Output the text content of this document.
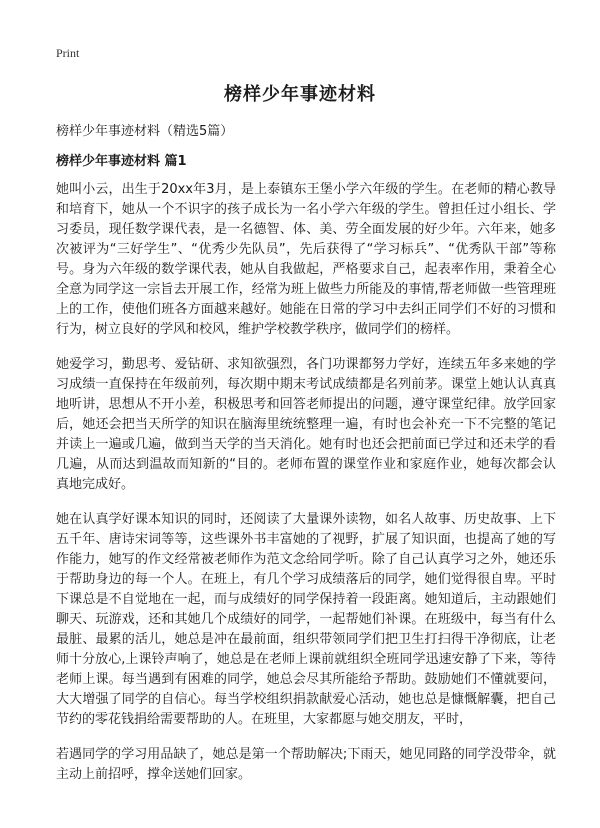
Print
榜样少年事迹材料

榜样少年事迹材料（精选5篇）

榜样少年事迹材料 篇1

她叫小云，出生于20xx年3月，是上泰镇东王堡小学六年级的学生。在老师的精心教导和培育下，她从一个不识字的孩子成长为一名小学六年级的学生。曾担任过小组长、学习委员，现任数学课代表，是一名德智、体、美、劳全面发展的好少年。六年来，她多次被评为“三好学生”、“优秀少先队员”，先后获得了“学习标兵”、“优秀队干部”等称号。身为六年级的数学课代表，她从自我做起，严格要求自己，起表率作用，秉着全心全意为同学这一宗旨去开展工作，经常为班上做些力所能及的事情,帮老师做一些管理班上的工作，使他们班各方面越来越好。她能在日常的学习中去纠正同学们不好的习惯和行为，树立良好的学风和校风，维护学校教学秩序，做同学们的榜样。

她爱学习，勤思考、爱钻研、求知欲强烈，各门功课都努力学好，连续五年多来她的学习成绩一直保持在年级前列，每次期中期末考试成绩都是名列前茅。课堂上她认认真真地听讲，思想从不开小差，积极思考和回答老师提出的问题，遵守课堂纪律。放学回家后，她还会把当天所学的知识在脑海里统统整理一遍，有时也会补充一下不完整的笔记并读上一遍或几遍，做到当天学的当天消化。她有时也还会把前面已学过和还未学的看几遍，从而达到温故而知新的“目的。老师布置的课堂作业和家庭作业，她每次都会认真地完成好。

她在认真学好课本知识的同时，还阅读了大量课外读物，如名人故事、历史故事、上下五千年、唐诗宋词等等，这些课外书丰富她的了视野，扩展了知识面，也提高了她的写作能力，她写的作文经常被老师作为范文念给同学听。除了自己认真学习之外，她还乐于帮助身边的每一个人。在班上，有几个学习成绩落后的同学，她们觉得很自卑。平时下课总是不自觉地在一起，而与成绩好的同学保持着一段距离。她知道后，主动跟她们聊天、玩游戏，还和其她几个成绩好的同学，一起帮她们补课。在班级中，每当有什么最脏、最累的活儿，她总是冲在最前面，组织带领同学们把卫生打扫得干净彻底，让老师十分放心,上课铃声响了，她总是在老师上课前就组织全班同学迅速安静了下来，等待老师上课。每当遇到有困难的同学，她总会尽其所能给予帮助。鼓励她们不懂就要问，大大增强了同学的自信心。每当学校组织捐款献爱心活动，她也总是慷慨解囊，把自己节约的零花钱捐给需要帮助的人。在班里，大家都愿与她交朋友，平时，

若遇同学的学习用品缺了，她总是第一个帮助解决;下雨天，她见同路的同学没带伞，就主动上前招呼，撑伞送她们回家。
